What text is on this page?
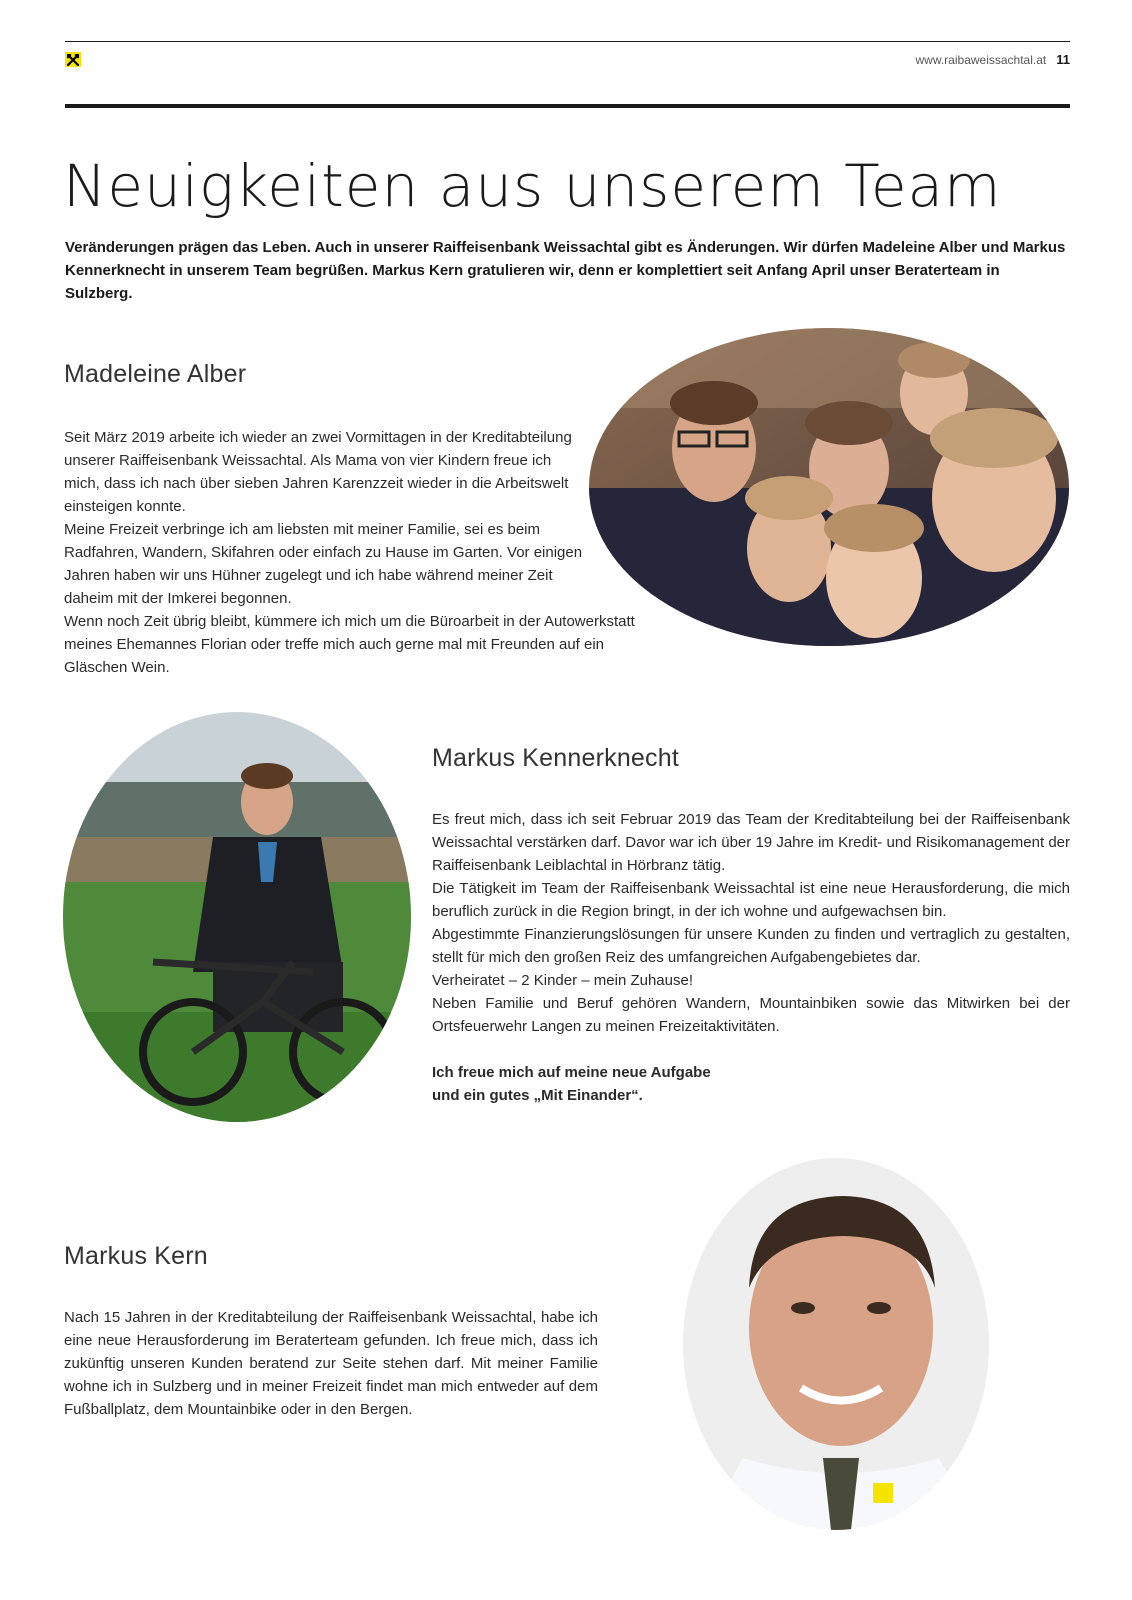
www.raibaweissachtal.at 11
Neuigkeiten aus unserem Team

Veränderungen prägen das Leben. Auch in unserer Raiffeisenbank Weissachtal gibt es Änderungen. Wir dürfen Madeleine Alber und Markus Kennerknecht in unserem Team begrüßen. Markus Kern gratulieren wir, denn er komplettiert seit Anfang April unser Beraterteam in Sulzberg.

Madeleine Alber

Seit März 2019 arbeite ich wieder an zwei Vormittagen in der Kreditabteilung unserer Raiffeisenbank Weissachtal. Als Mama von vier Kindern freue ich mich, dass ich nach über sieben Jahren Karenzzeit wieder in die Arbeitswelt einsteigen konnte.

Meine Freizeit verbringe ich am liebsten mit meiner Familie, sei es beim Radfahren, Wandern, Skifahren oder einfach zu Hause im Garten. Vor einigen Jahren haben wir uns Hühner zugelegt und ich habe während meiner Zeit daheim mit der Imkerei begonnen.

Wenn noch Zeit übrig bleibt, kümmere ich mich um die Büroarbeit in der Autowerkstatt meines Ehemannes Florian oder treffe mich auch gerne mal mit Freunden auf ein Gläschen Wein.

Markus Kennerknecht

Es freut mich, dass ich seit Februar 2019 das Team der Kreditabteilung bei der Raiffeisenbank Weissachtal verstärken darf. Davor war ich über 19 Jahre im Kredit- und Risikomanagement der Raiffeisenbank Leiblachtal in Hörbranz tätig.

Die Tätigkeit im Team der Raiffeisenbank Weissachtal ist eine neue Herausforderung, die mich beruflich zurück in die Region bringt, in der ich wohne und aufgewachsen bin.

Abgestimmte Finanzierungslösungen für unsere Kunden zu finden und vertraglich zu gestalten, stellt für mich den großen Reiz des umfangreichen Aufgabengebietes dar.

Verheiratet – 2 Kinder – mein Zuhause!

Neben Familie und Beruf gehören Wandern, Mountainbiken sowie das Mitwirken bei der Ortsfeuerwehr Langen zu meinen Freizeitaktivitäten.

Ich freue mich auf meine neue Aufgabe

und ein gutes „Mit Einander“.

Markus Kern

Nach 15 Jahren in der Kreditabteilung der Raiffeisenbank Weissachtal, habe ich eine neue Herausforderung im Beraterteam gefunden. Ich freue mich, dass ich zukünftig unseren Kunden beratend zur Seite stehen darf. Mit meiner Familie wohne ich in Sulzberg und in meiner Freizeit findet man mich entweder auf dem Fußballplatz, dem Mountainbike oder in den Bergen.
